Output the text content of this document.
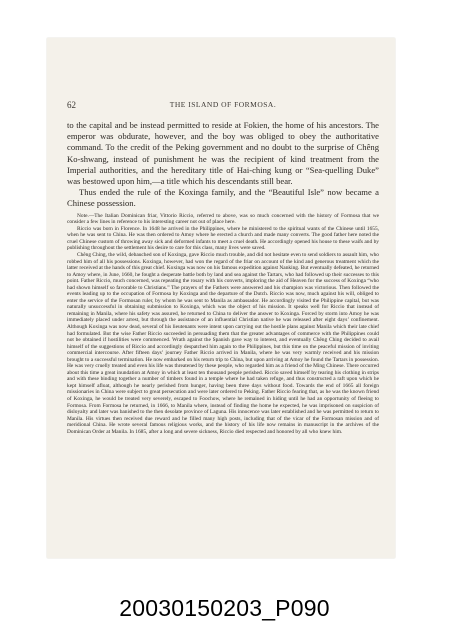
62	THE ISLAND OF FORMOSA.

to the capital and be instead permitted to reside at Fokien, the home of his ancestors. The emperor was obdurate, however, and the boy was obliged to obey the authoritative command. To the credit of the Peking government and no doubt to the surprise of Chêng Ko-shwang, instead of punishment he was the recipient of kind treatment from the Imperial authorities, and the hereditary title of Hai-ching kung or “Sea-quelling Duke” was bestowed upon him,—a title which his descendants still bear.

Thus ended the rule of the Koxinga family, and the “Beautiful Isle” now became a Chinese possession.

Note.—The Italian Dominican friar, Vittorio Riccio, referred to above, was so much concerned with the history of Formosa that we consider a few lines in reference to his interesting career not out of place here.

Riccio was born in Florence. In 1648 he arrived in the Philippines, where he ministered to the spiritual wants of the Chinese until 1655, when he was sent to China. He was then ordered to Amoy where he erected a church and made many converts. The good father here noted the cruel Chinese custom of throwing away sick and deformed infants to meet a cruel death. He accordingly opened his house to these waifs and by publishing throughout the settlement his desire to care for this class, many lives were saved.

Chêng Ching, the wild, debauched son of Koxinga, gave Riccio much trouble, and did not hesitate even to send soldiers to assault him, who robbed him of all his possessions. Koxinga, however, had won the regard of the friar on account of the kind and generous treatment which the latter received at the hands of this great chief. Koxinga was now on his famous expedition against Nanking. But eventually defeated, he returned to Amoy where, in June, 1660, he fought a desperate battle both by land and sea against the Tartars, who had followed up their successes to this point. Father Riccio, much concerned, was repeating the rosary with his converts, imploring the aid of Heaven for the success of Koxinga “who had shown himself so favorable to Christians.” The prayers of the Fathers were answered and his champion was victorious. Then followed the events leading up to the occupation of Formosa by Koxinga and the departure of the Dutch. Riccio was now, much against his will, obliged to enter the service of the Formosan ruler, by whom he was sent to Manila as ambassador. He accordingly visited the Philippine capital, but was naturally unsuccessful in obtaining submission to Koxinga, which was the object of his mission. It speaks well for Riccio that instead of remaining in Manila, where his safety was assured, he returned to China to deliver the answer to Koxinga. Forced by storm into Amoy he was immediately placed under arrest, but through the assistance of an influential Christian native he was released after eight days’ confinement. Although Koxinga was now dead, several of his lieutenants were intent upon carrying out the hostile plans against Manila which their late chief had formulated. But the wise Father Riccio succeeded in persuading them that the greater advantages of commerce with the Philippines could not be obtained if hostilities were commenced. Wrath against the Spanish gave way to interest, and eventually Chêng Ching decided to avail himself of the suggestions of Riccio and accordingly despatched him again to the Philippines, but this time on the peaceful mission of inviting commercial intercourse. After fifteen days’ journey Father Riccio arrived in Manila, where he was very warmly received and his mission brought to a successful termination. He now embarked on his return trip to China, but upon arriving at Amoy he found the Tartars in possession. He was very cruelly treated and even his life was threatened by these people, who regarded him as a friend of the Ming Chinese. There occurred about this time a great inundation at Amoy in which at least ten thousand people perished. Riccio saved himself by tearing his clothing in strips and with these binding together a number of timbers found in a temple where he had taken refuge, and thus constructed a raft upon which he kept himself afloat, although he nearly perished from hunger, having been three days without food. Towards the end of 1665 all foreign missionaries in China were subject to great persecution and were later ordered to Peking. Father Riccio fearing that, as he was the known friend of Koxinga, he would be treated very severely, escaped to Foochow, where he remained in hiding until he had an opportunity of fleeing to Formosa. From Formosa he returned, in 1666, to Manila where, instead of finding the home he expected, he was imprisoned on suspicion of disloyalty and later was banished to the then desolate province of Laguna. His innocence was later established and he was permitted to return to Manila. His virtues then received due reward and he filled many high posts, including that of the vicar of the Formosan mission and of meridional China. He wrote several famous religious works, and the history of his life now remains in manuscript in the archives of the Dominican Order at Manila. In 1685, after a long and severe sickness, Riccio died respected and honored by all who knew him.

20030150203_P090
